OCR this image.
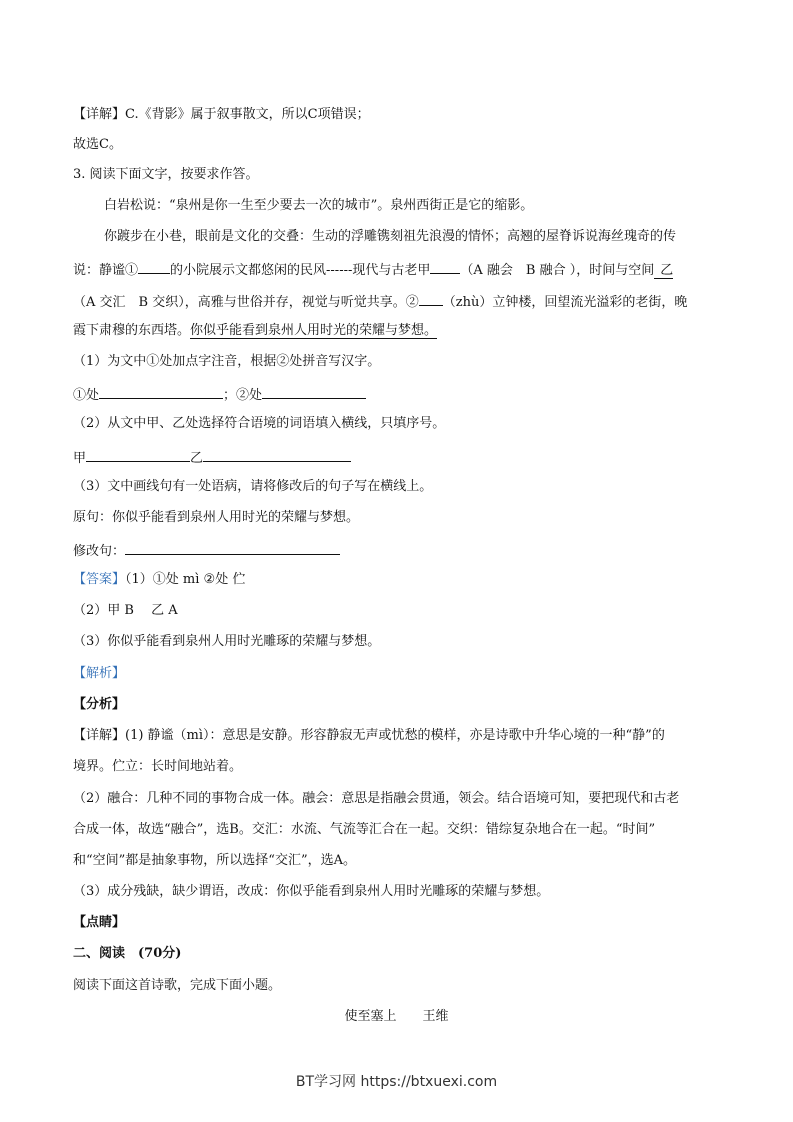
【详解】C.《背影》属于叙事散文，所以C项错误；
故选C。
3. 阅读下面文字，按要求作答。
白岩松说：“泉州是你一生至少要去一次的城市”。泉州西街正是它的缩影。
你踱步在小巷，眼前是文化的交叠：生动的浮雕镌刻祖先浪漫的情怀；高翘的屋脊诉说海丝瑰奇的传
说：静谧① 的小院展示文都悠闲的民风------现代与古老甲 （A 融会　B 融合 ），时间与空间 乙
（A 交汇　B 交织），高雅与世俗并存，视觉与听觉共享。② （zhù）立钟楼，回望流光溢彩的老街，晚
霞下肃穆的东西塔。你似乎能看到泉州人用时光的荣耀与梦想。
（1）为文中①处加点字注音，根据②处拼音写汉字。
①处	；②处
（2）从文中甲、乙处选择符合语境的词语填入横线，只填序号。
甲	乙
（3）文中画线句有一处语病，请将修改后的句子写在横线上。
原句：你似乎能看到泉州人用时光的荣耀与梦想。
修改句：
【答案】（1）①处 mì ②处 伫
（2）甲 B　 乙 A
（3）你似乎能看到泉州人用时光雕琢的荣耀与梦想。
【解析】
【分析】
【详解】(1) 静谧（mì）：意思是安静。形容静寂无声或忧愁的模样，亦是诗歌中升华心境的一种“静”的
境界。伫立：长时间地站着。
（2）融合：几种不同的事物合成一体。融会：意思是指融会贯通，领会。结合语境可知，要把现代和古老
合成一体，故选“融合”，选B。交汇：水流、气流等汇合在一起。交织：错综复杂地合在一起。“时间”
和“空间”都是抽象事物，所以选择“交汇”，选A。
（3）成分残缺，缺少谓语，改成：你似乎能看到泉州人用时光雕琢的荣耀与梦想。
【点睛】
二、阅读　(70分)
阅读下面这首诗歌，完成下面小题。
使至塞上　　王维
BT学习网 https://btxuexi.com
